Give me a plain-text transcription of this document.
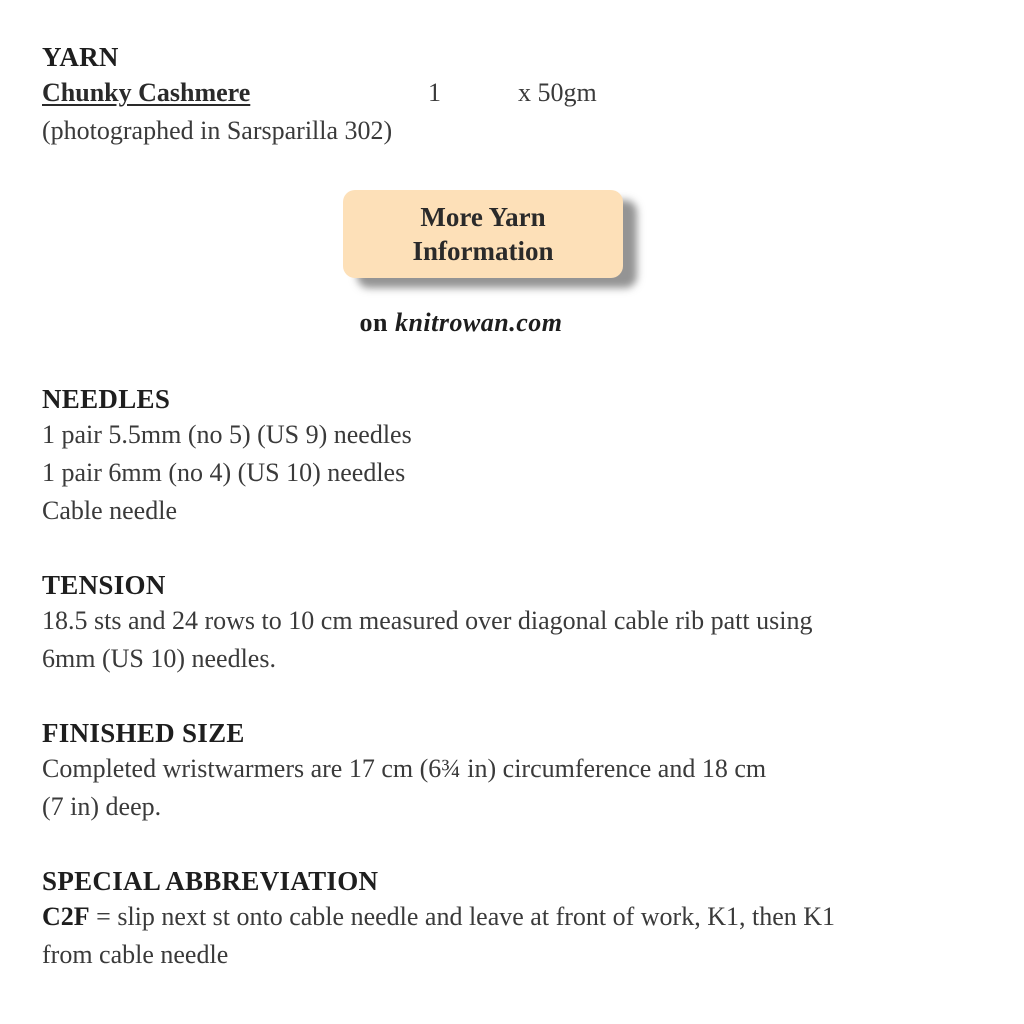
YARN
Chunky Cashmere	1	x 50gm
(photographed in Sarsparilla 302)
More Yarn
Information
on knitrowan.com
NEEDLES
1 pair 5.5mm (no 5) (US 9) needles
1 pair 6mm (no 4) (US 10) needles
Cable needle
TENSION
18.5 sts and 24 rows to 10 cm measured over diagonal cable rib patt using
6mm (US 10) needles.
FINISHED SIZE
Completed wristwarmers are 17 cm (6¾ in) circumference and 18 cm
(7 in) deep.
SPECIAL ABBREVIATION
C2F = slip next st onto cable needle and leave at front of work, K1, then K1
from cable needle
